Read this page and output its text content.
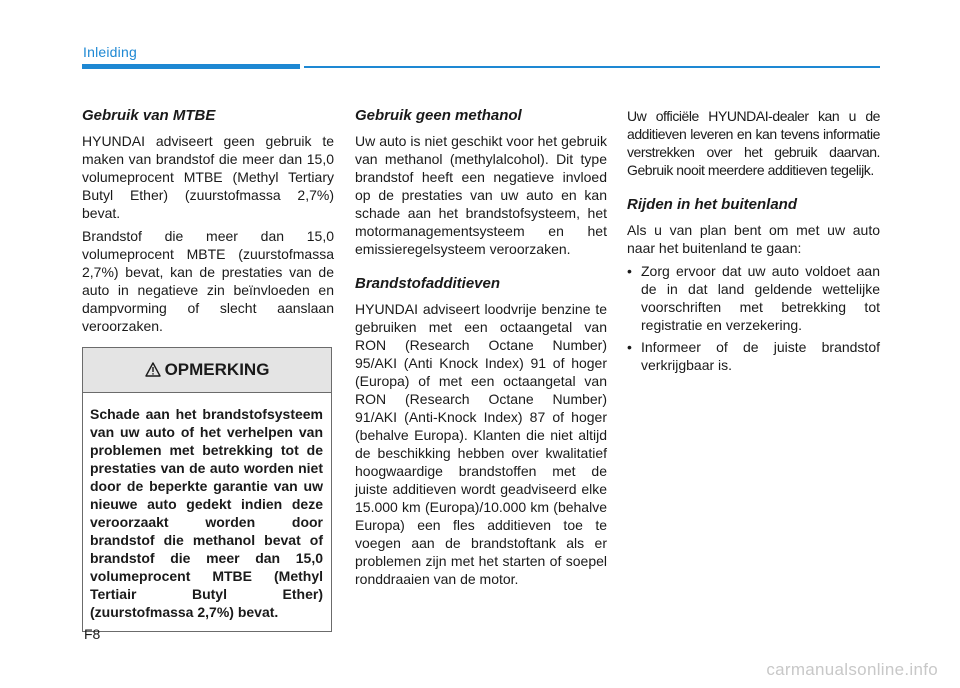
Inleiding
Gebruik van MTBE

HYUNDAI adviseert geen gebruik te maken van brandstof die meer dan 15,0 volumeprocent MTBE (Methyl Tertiary Butyl Ether) (zuurstofmassa 2,7%) bevat.

Brandstof die meer dan 15,0 volumeprocent MBTE (zuurstofmassa 2,7%) bevat, kan de prestaties van de auto in negatieve zin beïnvloeden en dampvorming of slecht aanslaan veroorzaken.

OPMERKING
Schade aan het brandstofsysteem van uw auto of het verhelpen van problemen met betrekking tot de prestaties van de auto worden niet door de beperkte garantie van uw nieuwe auto gedekt indien deze veroorzaakt worden door brandstof die methanol bevat of brandstof die meer dan 15,0 volumeprocent MTBE (Methyl Tertiair Butyl Ether) (zuurstofmassa 2,7%) bevat.
Gebruik geen methanol

Uw auto is niet geschikt voor het gebruik van methanol (methylalcohol). Dit type brandstof heeft een negatieve invloed op de prestaties van uw auto en kan schade aan het brandstofsysteem, het motormanagementsysteem en het emissieregelsysteem veroorzaken.

Brandstofadditieven

HYUNDAI adviseert loodvrije benzine te gebruiken met een octaangetal van RON (Research Octane Number) 95/AKI (Anti Knock Index) 91 of hoger (Europa) of met een octaangetal van RON (Research Octane Number) 91/AKI (Anti-Knock Index) 87 of hoger (behalve Europa). Klanten die niet altijd de beschikking hebben over kwalitatief hoogwaardige brandstoffen met de juiste additieven wordt geadviseerd elke 15.000 km (Europa)/10.000 km (behalve Europa) een fles additieven toe te voegen aan de brandstoftank als er problemen zijn met het starten of soepel ronddraaien van de motor.

Uw officiële HYUNDAI-dealer kan u de additieven leveren en kan tevens informatie verstrekken over het gebruik daarvan. Gebruik nooit meerdere additieven tegelijk.

Rijden in het buitenland

Als u van plan bent om met uw auto naar het buitenland te gaan:

• Zorg ervoor dat uw auto voldoet aan de in dat land geldende wettelijke voorschriften met betrekking tot registratie en verzekering.
• Informeer of de juiste brandstof verkrijgbaar is.
F8
carmanualsonline.info
